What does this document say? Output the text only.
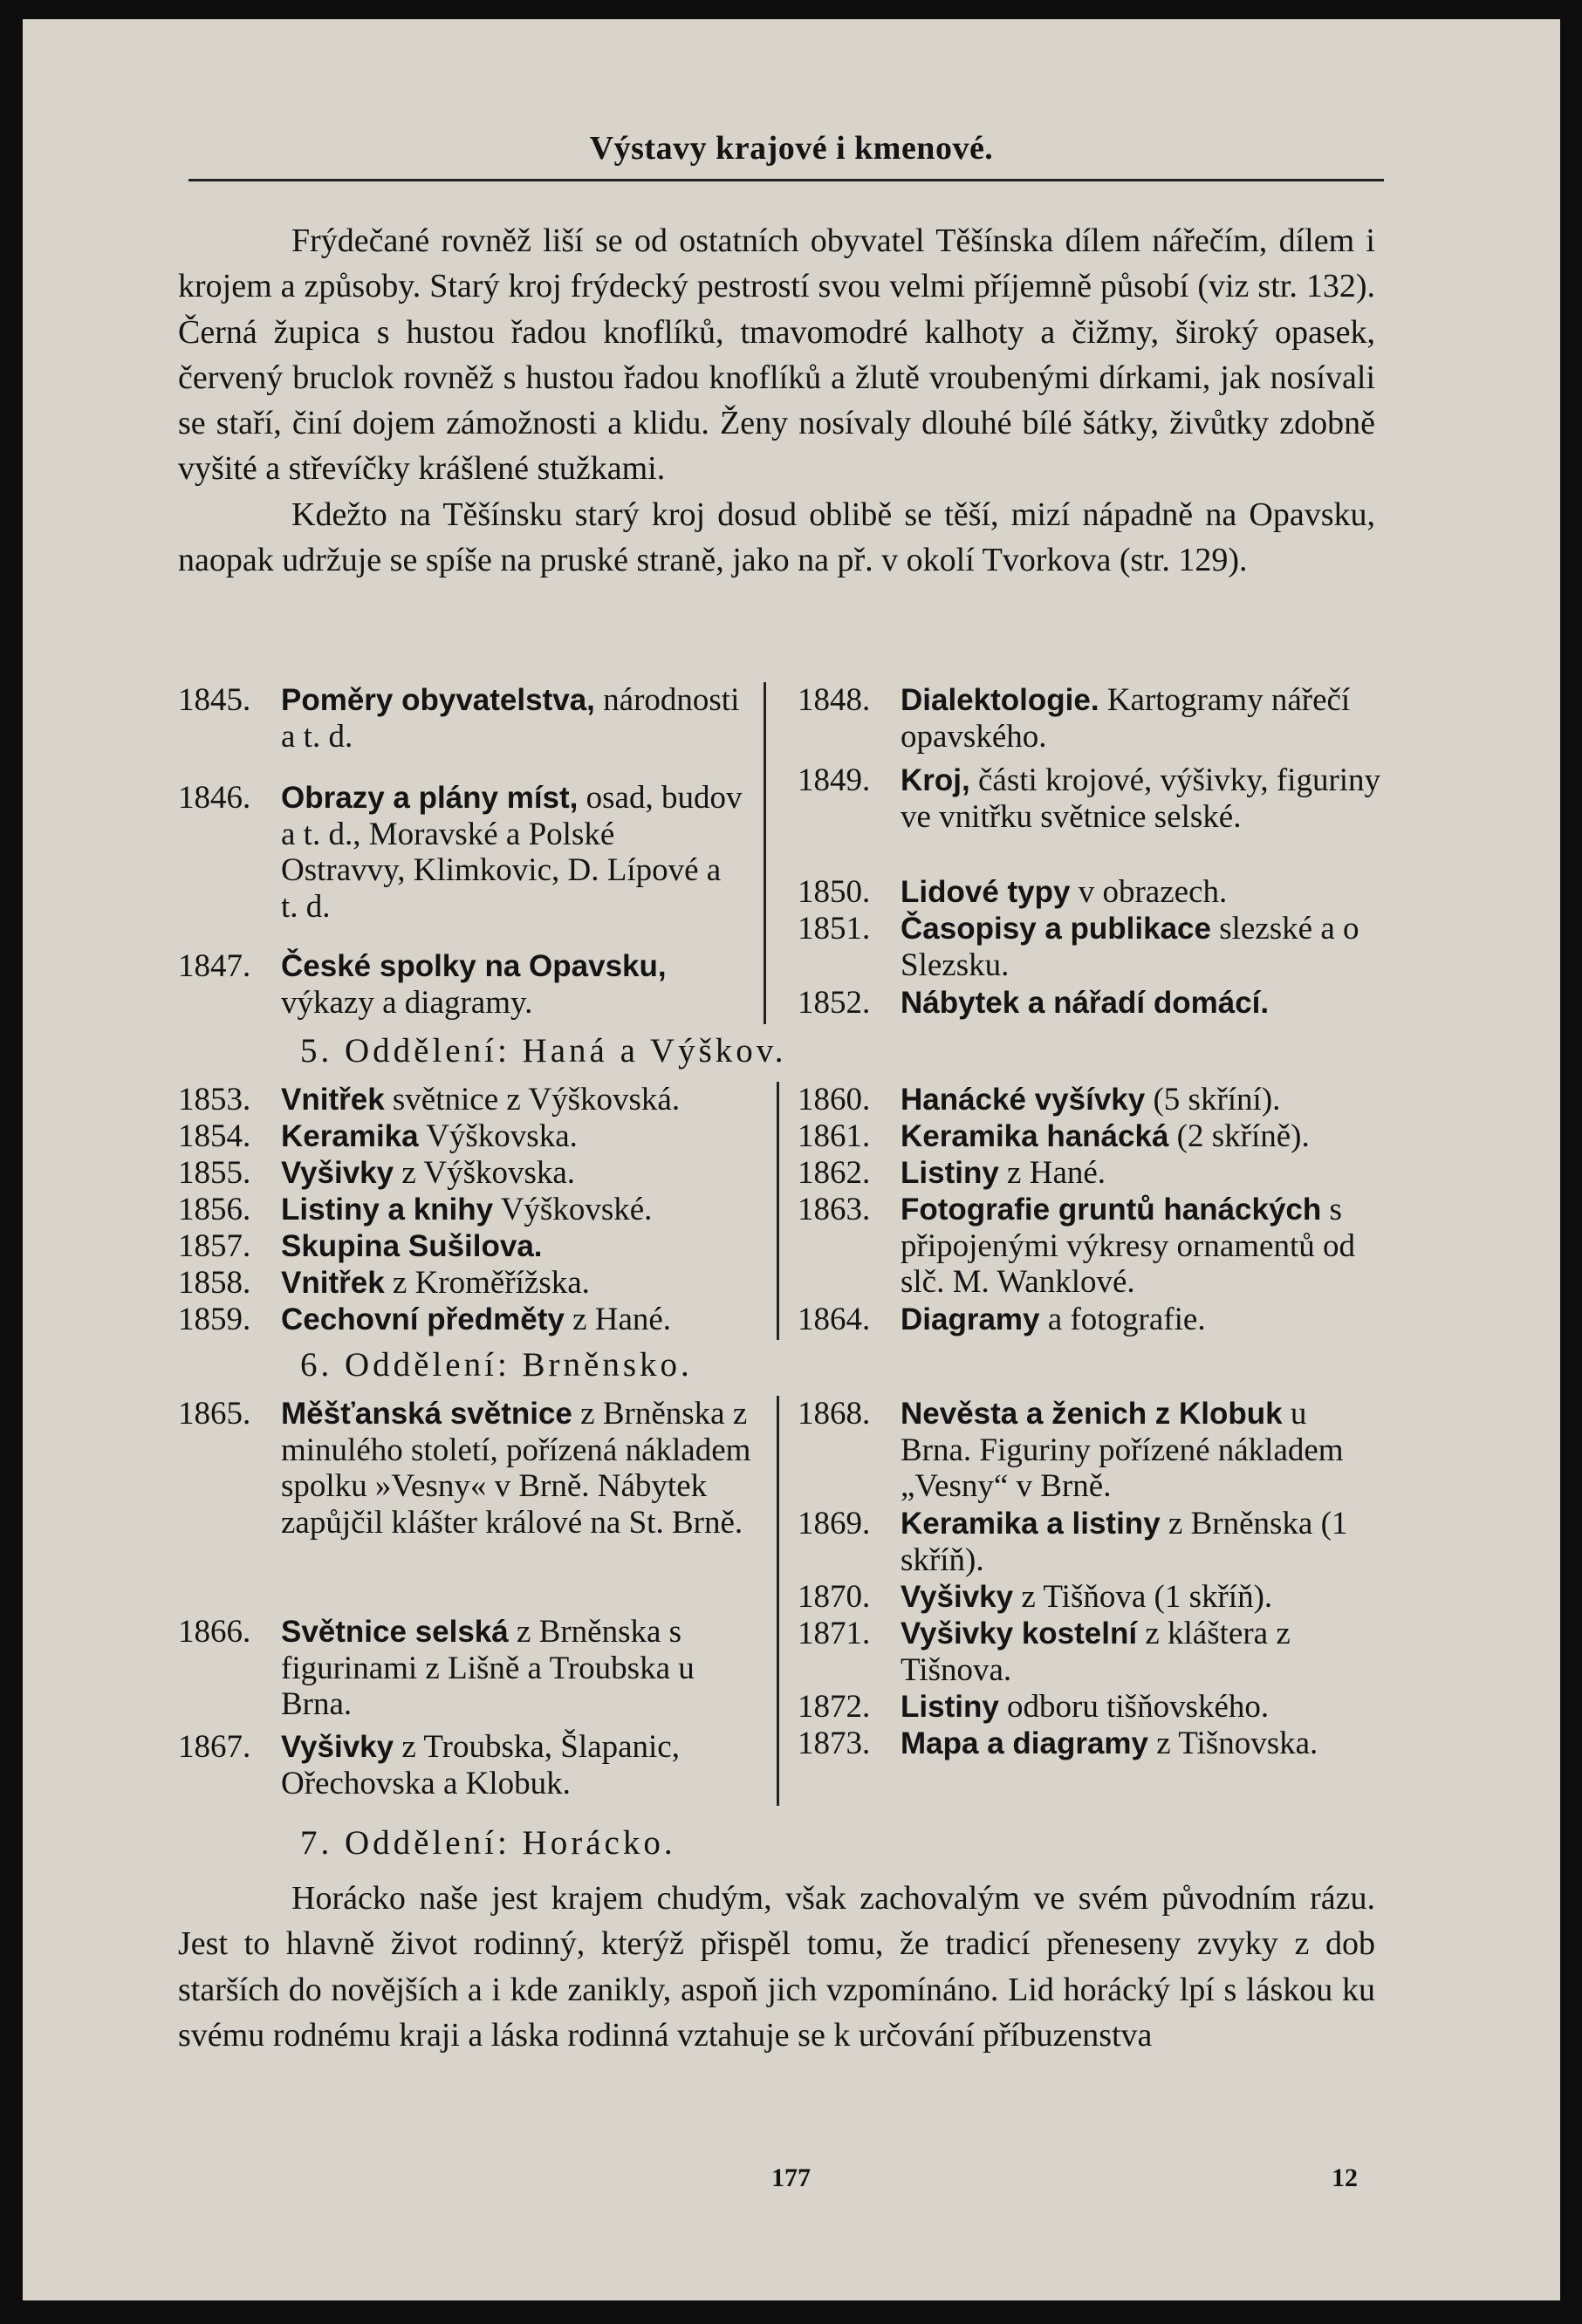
Výstavy krajové i kmenové.

Frýdečané rovněž liší se od ostatních obyvatel Těšínska dílem nářečím, dílem i krojem a způsoby. Starý kroj frýdecký pestrostí svou velmi příjemně působí (viz str. 132). Černá župica s hustou řadou knoflíků, tmavomodré kalhoty a čižmy, široký opasek, červený bruclok rovněž s hustou řadou knoflíků a žlutě vroubenými dírkami, jak nosívali se staří, činí dojem zámožnosti a klidu. Ženy nosívaly dlouhé bílé šátky, živůtky zdobně vyšité a střevíčky krášlené stužkami.

Kdežto na Těšínsku starý kroj dosud oblibě se těší, mizí nápadně na Opavsku, naopak udržuje se spíše na pruské straně, jako na př. v okolí Tvorkova (str. 129).

1845. Poměry obyvatelstva, národnosti a t. d.
1846. Obrazy a plány míst, osad, budov a t. d., Moravské a Polské Ostravvy, Klimkovic, D. Lípové a t. d.
1847. České spolky na Opavsku, výkazy a diagramy.
1848. Dialektologie. Kartogramy nářečí opavského.
1849. Kroj, části krojové, výšivky, figuriny ve vnitřku světnice selské.
1850. Lidové typy v obrazech.
1851. Časopisy a publikace slezské a o Slezsku.
1852. Nábytek a nářadí domácí.
5. Oddělení: Haná a Výškov.
1853. Vnitřek světnice z Výškovská.
1854. Keramika Výškovska.
1855. Vyšivky z Výškovska.
1856. Listiny a knihy Výškovské.
1857. Skupina Sušilova.
1858. Vnitřek z Kroměřížska.
1859. Cechovní předměty z Hané.
1860. Hanácké vyšívky (5 skříní).
1861. Keramika hanácká (2 skříně).
1862. Listiny z Hané.
1863. Fotografie gruntů hanáckých s připojenými výkresy ornamentů od slč. M. Wanklové.
1864. Diagramy a fotografie.
6. Oddělení: Brněnsko.
1865. Měšťanská světnice z Brněnska z minulého století, pořízená nákladem spolku »Vesny« v Brně. Nábytek zapůjčil klášter králové na St. Brně.
1866. Světnice selská z Brněnska s figurinami z Lišně a Troubska u Brna.
1867. Vyšivky z Troubska, Šlapanic, Ořechovska a Klobuk.
1868. Nevěsta a ženich z Klobuk u Brna. Figuriny pořízené nákladem „Vesny“ v Brně.
1869. Keramika a listiny z Brněnska (1 skříň).
1870. Vyšivky z Tišňova (1 skříň).
1871. Vyšivky kostelní z kláštera z Tišnova.
1872. Listiny odboru tišňovského.
1873. Mapa a diagramy z Tišnovska.
7. Oddělení: Horácko.

Horácko naše jest krajem chudým, však zachovalým ve svém původním rázu. Jest to hlavně život rodinný, kterýž přispěl tomu, že tradicí přeneseny zvyky z dob starších do novějších a i kde zanikly, aspoň jich vzpomínáno. Lid horácký lpí s láskou ku svému rodnému kraji a láska rodinná vztahuje se k určování příbuzenstva

177	12
